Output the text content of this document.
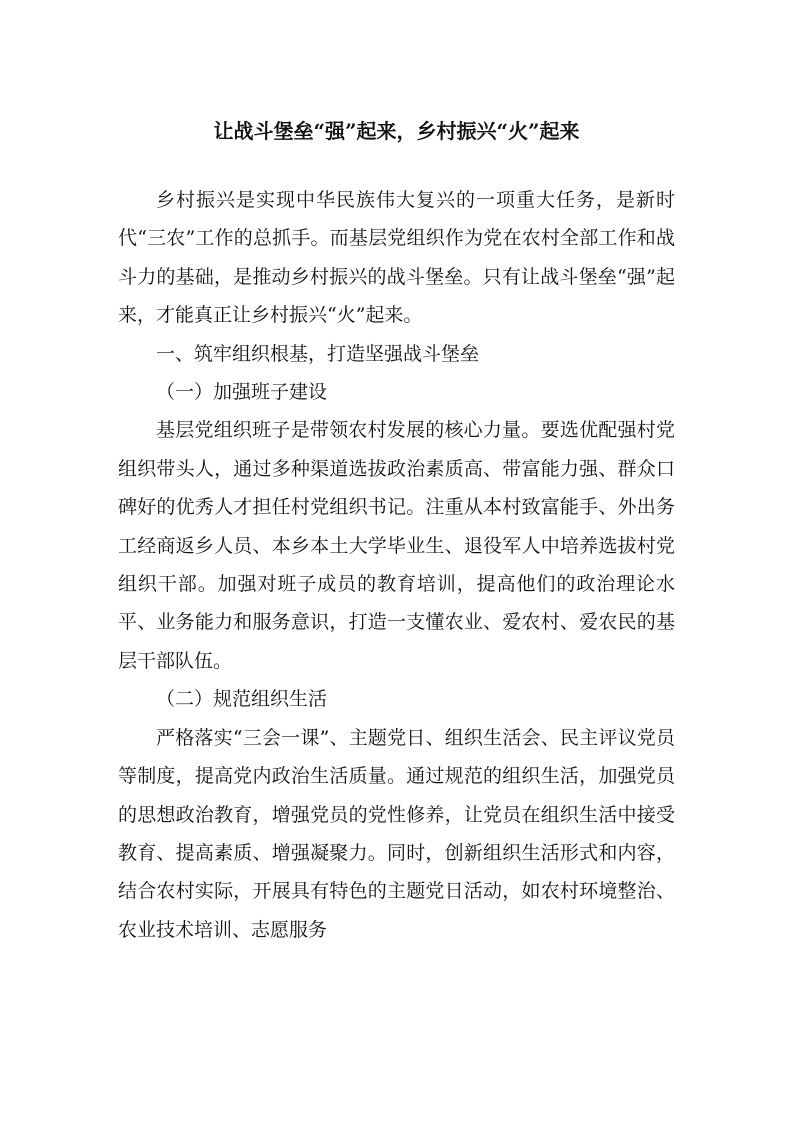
让战斗堡垒“强”起来，乡村振兴“火”起来

乡村振兴是实现中华民族伟大复兴的一项重大任务，是新时代“三农”工作的总抓手。而基层党组织作为党在农村全部工作和战斗力的基础，是推动乡村振兴的战斗堡垒。只有让战斗堡垒“强”起来，才能真正让乡村振兴“火”起来。

一、筑牢组织根基，打造坚强战斗堡垒

（一）加强班子建设

基层党组织班子是带领农村发展的核心力量。要选优配强村党组织带头人，通过多种渠道选拔政治素质高、带富能力强、群众口碑好的优秀人才担任村党组织书记。注重从本村致富能手、外出务工经商返乡人员、本乡本土大学毕业生、退役军人中培养选拔村党组织干部。加强对班子成员的教育培训，提高他们的政治理论水平、业务能力和服务意识，打造一支懂农业、爱农村、爱农民的基层干部队伍。

（二）规范组织生活

严格落实“三会一课”、主题党日、组织生活会、民主评议党员等制度，提高党内政治生活质量。通过规范的组织生活，加强党员的思想政治教育，增强党员的党性修养，让党员在组织生活中接受教育、提高素质、增强凝聚力。同时，创新组织生活形式和内容，结合农村实际，开展具有特色的主题党日活动，如农村环境整治、农业技术培训、志愿服务
